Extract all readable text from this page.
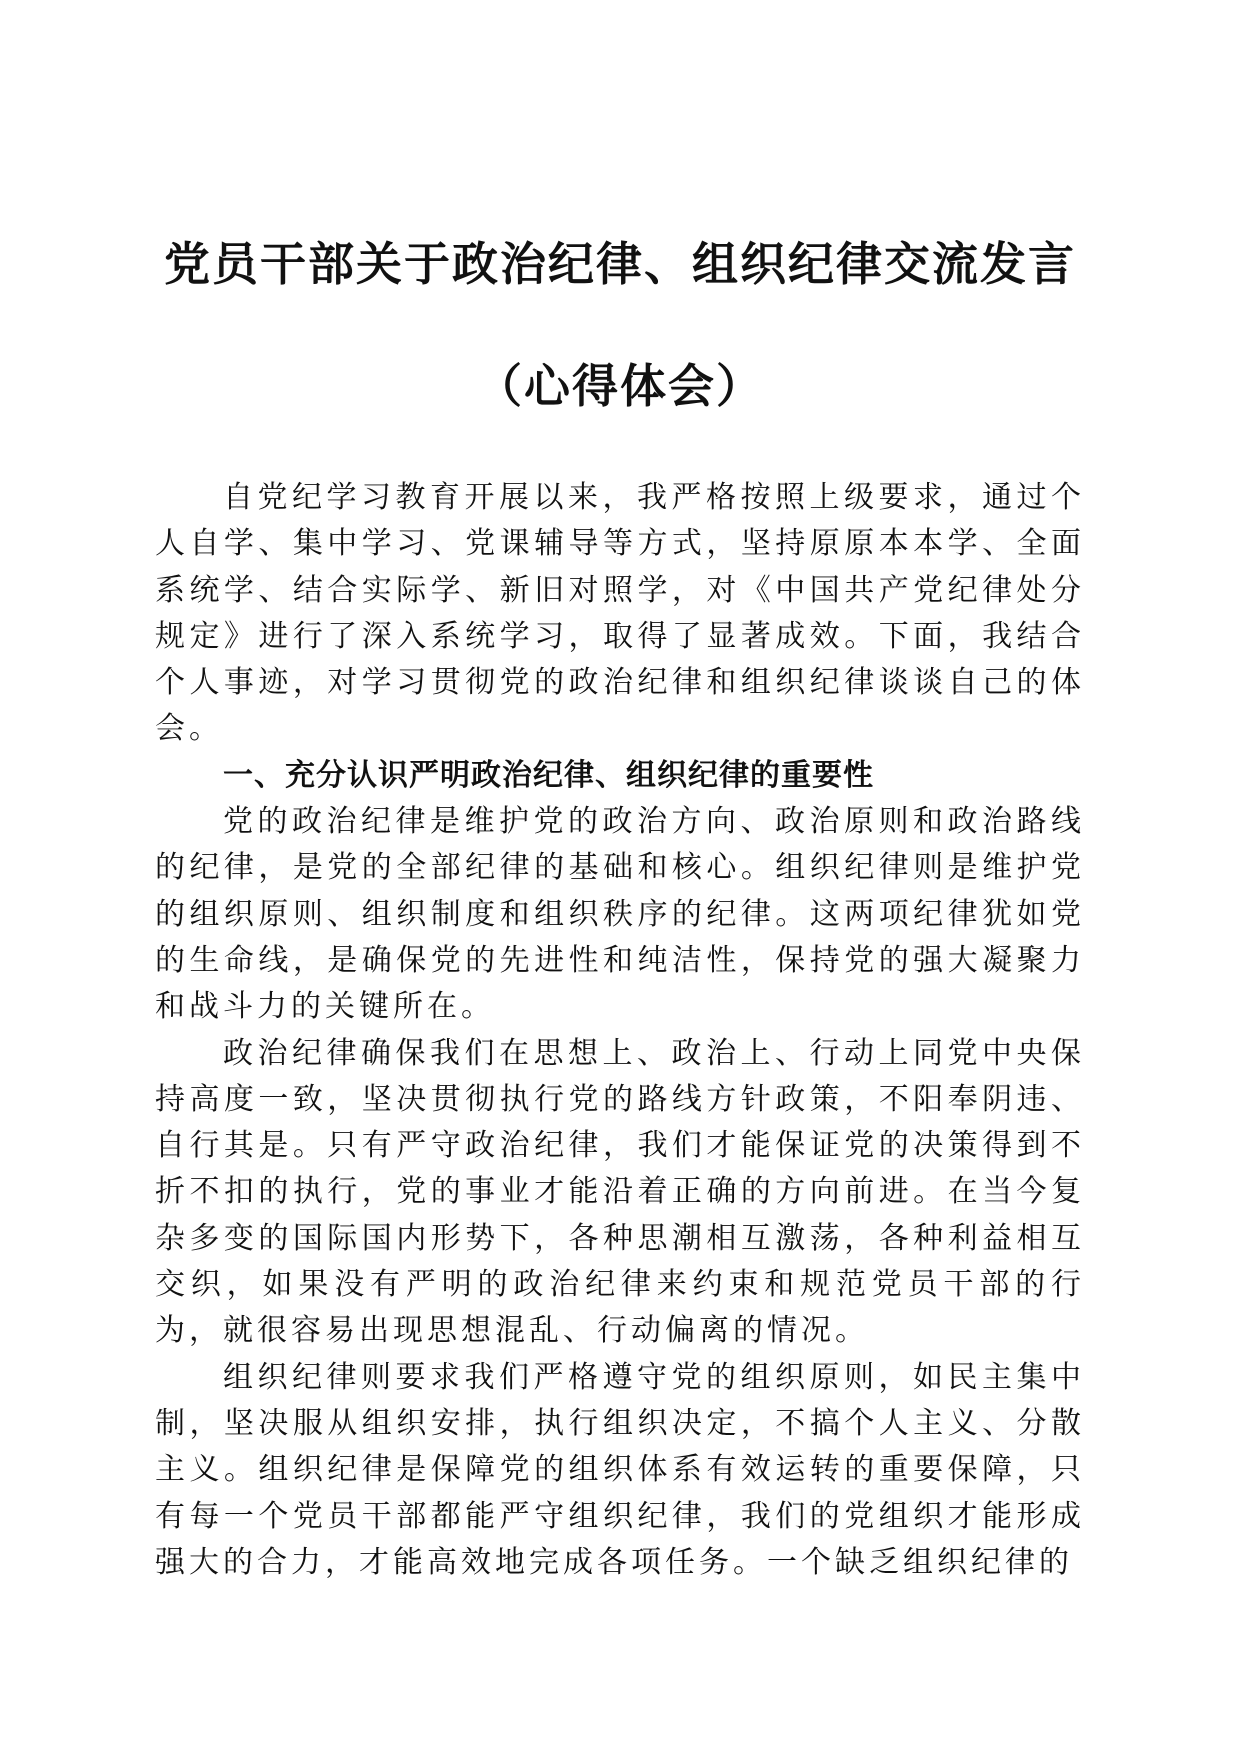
党员干部关于政治纪律、组织纪律交流发言
（心得体会）

自党纪学习教育开展以来，我严格按照上级要求，通过个人自学、集中学习、党课辅导等方式，坚持原原本本学、全面系统学、结合实际学、新旧对照学，对《中国共产党纪律处分规定》进行了深入系统学习，取得了显著成效。下面，我结合个人事迹，对学习贯彻党的政治纪律和组织纪律谈谈自己的体会。

一、充分认识严明政治纪律、组织纪律的重要性

党的政治纪律是维护党的政治方向、政治原则和政治路线的纪律，是党的全部纪律的基础和核心。组织纪律则是维护党的组织原则、组织制度和组织秩序的纪律。这两项纪律犹如党的生命线，是确保党的先进性和纯洁性，保持党的强大凝聚力和战斗力的关键所在。

政治纪律确保我们在思想上、政治上、行动上同党中央保持高度一致，坚决贯彻执行党的路线方针政策，不阳奉阴违、自行其是。只有严守政治纪律，我们才能保证党的决策得到不折不扣的执行，党的事业才能沿着正确的方向前进。在当今复杂多变的国际国内形势下，各种思潮相互激荡，各种利益相互交织，如果没有严明的政治纪律来约束和规范党员干部的行为，就很容易出现思想混乱、行动偏离的情况。

组织纪律则要求我们严格遵守党的组织原则，如民主集中制，坚决服从组织安排，执行组织决定，不搞个人主义、分散主义。组织纪律是保障党的组织体系有效运转的重要保障，只有每一个党员干部都能严守组织纪律，我们的党组织才能形成强大的合力，才能高效地完成各项任务。一个缺乏组织纪律的
